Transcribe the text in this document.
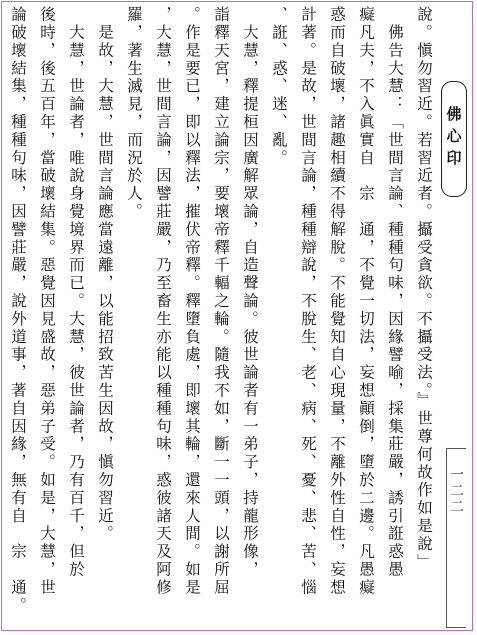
說。愼勿習近。若習近者。攝受貪欲。不攝受法。』世尊何故作如是說」
　佛告大慧：「世間言論、種種句味，因緣譬喻，採集莊嚴，誘引誑惑愚
癡凡夫，不入眞實自　宗　通，不覺一切法，妄想顚倒，墮於二邊。凡愚癡
惑而自破壞，諸趣相續不得解脫。不能覺知自心現量，不離外性自性，妄想
計著。是故，世間言論，種種辯說，不脫生、老、病、死、憂、悲、苦、惱
、誑、惑、迷、亂。
　大慧，釋提桓因廣解眾論，自造聲論。彼世論者有一弟子，持龍形像，
詣釋天宮，建立論宗，要壞帝釋千輻之輪。隨我不如，斷一一頭，以謝所屈
。作是要已，即以釋法，摧伏帝釋。釋墮負處，即壞其輪，還來人間。如是
，大慧，世間言論，因譬莊嚴，乃至畜生亦能以種種句味，惑彼諸天及阿修
羅，著生滅見，而況於人。
　是故，大慧，世間言論應當遠離，以能招致苦生因故，愼勿習近。
　大慧，世論者，唯說身覺境界而已。大慧，彼世論者，乃有百千，但於
後時，後五百年，當破壞結集。惡覺因見盛故，惡弟子受。如是，大慧，世
論破壞結集，種種句味，因譬莊嚴，說外道事，著自因緣，無有自　宗　通。	佛心印
一二二
